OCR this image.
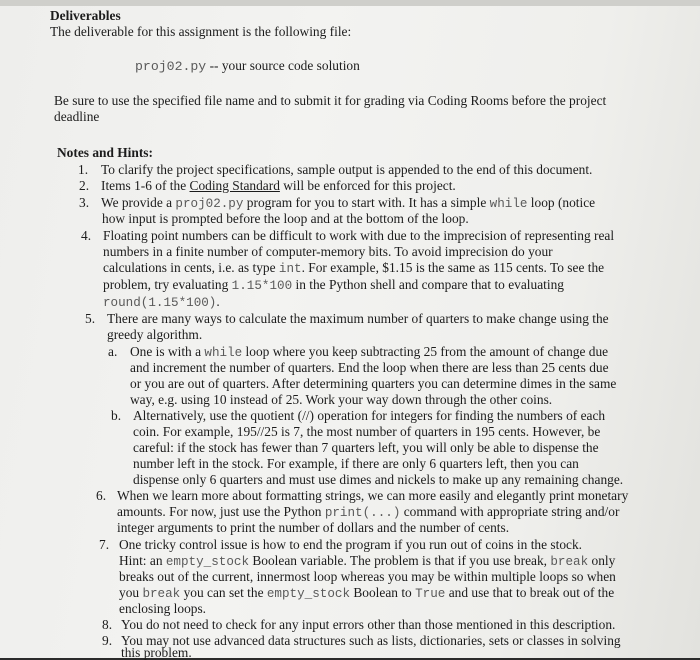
Deliverables
The deliverable for this assignment is the following file:
proj02.py -- your source code solution
Be sure to use the specified file name and to submit it for grading via Coding Rooms before the project
deadline
Notes and Hints:
1. To clarify the project specifications, sample output is appended to the end of this document.
2. Items 1-6 of the Coding Standard will be enforced for this project.
3. We provide a proj02.py program for you to start with. It has a simple while loop (notice
how input is prompted before the loop and at the bottom of the loop.
4. Floating point numbers can be difficult to work with due to the imprecision of representing real
numbers in a finite number of computer-memory bits. To avoid imprecision do your
calculations in cents, i.e. as type int. For example, $1.15 is the same as 115 cents. To see the
problem, try evaluating 1.15*100 in the Python shell and compare that to evaluating
round(1.15*100).
5. There are many ways to calculate the maximum number of quarters to make change using the
greedy algorithm.
a. One is with a while loop where you keep subtracting 25 from the amount of change due
and increment the number of quarters. End the loop when there are less than 25 cents due
or you are out of quarters. After determining quarters you can determine dimes in the same
way, e.g. using 10 instead of 25. Work your way down through the other coins.
b. Alternatively, use the quotient (//) operation for integers for finding the numbers of each
coin. For example, 195//25 is 7, the most number of quarters in 195 cents. However, be
careful: if the stock has fewer than 7 quarters left, you will only be able to dispense the
number left in the stock. For example, if there are only 6 quarters left, then you can
dispense only 6 quarters and must use dimes and nickels to make up any remaining change.
6. When we learn more about formatting strings, we can more easily and elegantly print monetary
amounts. For now, just use the Python print(...) command with appropriate string and/or
integer arguments to print the number of dollars and the number of cents.
7. One tricky control issue is how to end the program if you run out of coins in the stock.
Hint: an empty_stock Boolean variable. The problem is that if you use break, break only
breaks out of the current, innermost loop whereas you may be within multiple loops so when
you break you can set the empty_stock Boolean to True and use that to break out of the
enclosing loops.
8. You do not need to check for any input errors other than those mentioned in this description.
9. You may not use advanced data structures such as lists, dictionaries, sets or classes in solving
this problem.
